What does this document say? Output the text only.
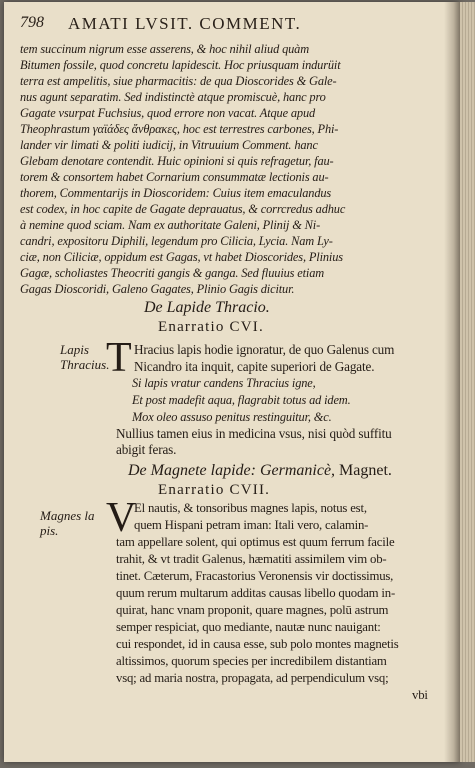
798 AMATI LVSIT. COMMENT.
tem succinum nigrum esse asserens, & hoc nihil aliud quàm
Bitumen fossile, quod concretu lapidescit. Hoc priusquam indurüit
terra est ampelitis, siue pharmacitis: de qua Dioscorides & Gale-
nus agunt separatim. Sed indistinctè atque promiscuè, hanc pro
Gagate vsurpat Fuchsius, quod errore non vacat. Atque apud
Theophrastum γαϊάδες ἄνθρακες, hoc est terrestres carbones, Phi-
lander vir limati & politi iudicij, in Vitruuium Comment. hanc
Glebam denotare contendit. Huic opinioni si quis refragetur, fau-
torem & consortem habet Cornarium consummatæ lectionis au-
thorem, Commentarijs in Dioscoridem: Cuius item emaculandus
est codex, in hoc capite de Gagate deprauatus, & corrcredus adhuc
à nemine quod sciam. Nam ex authoritate Galeni, Plinij & Ni-
candri, expositoru Diphili, legendum pro Cilicia, Lycia. Nam Ly-
ciæ, non Ciliciæ, oppidum est Gagas, vt habet Dioscorides, Plinius
Gagæ, scholiastes Theocriti gangis & ganga. Sed fluuius etiam
Gagas Dioscoridi, Galeno Gagates, Plinio Gagis dicitur.
De Lapide Thracio.
Enarratio CVI.
T Hracius lapis hodie ignoratur, de quo Galenus cum
Nicandro ita inquit, capite superiori de Gagate.
Si lapis vratur candens Thracius igne,
Et post madefit aqua, flagrabit totus ad idem.
Mox oleo assuso penitus restinguitur, &c.
Nullius tamen eius in medicina vsus, nisi quòd suffitu
abigit feras.
De Magnete lapide: Germanicè, Magnet.
Enarratio CVII.
V
El nautis, & tonsoribus magnes lapis, notus est,
quem Hispani petram iman: Itali vero, calamin-
tam appellare solent, qui optimus est quum ferrum facile
trahit, & vt tradit Galenus, hæmatiti assimilem vim ob-
tinet. Cæterum, Fracastorius Veronensis vir doctissimus,
quum rerum multarum additas causas libello quodam in-
quirat, hanc vnam proponit, quare magnes, polū astrum
semper respiciat, quo mediante, nautæ nunc nauigant:
cui respondet, id in causa esse, sub polo montes magnetis
altissimos, quorum species per incredibilem distantiam
vsq; ad maria nostra, propagata, ad perpendiculum vsq;
vbi
Lapis
Thracius.
Magnes la
pis.
